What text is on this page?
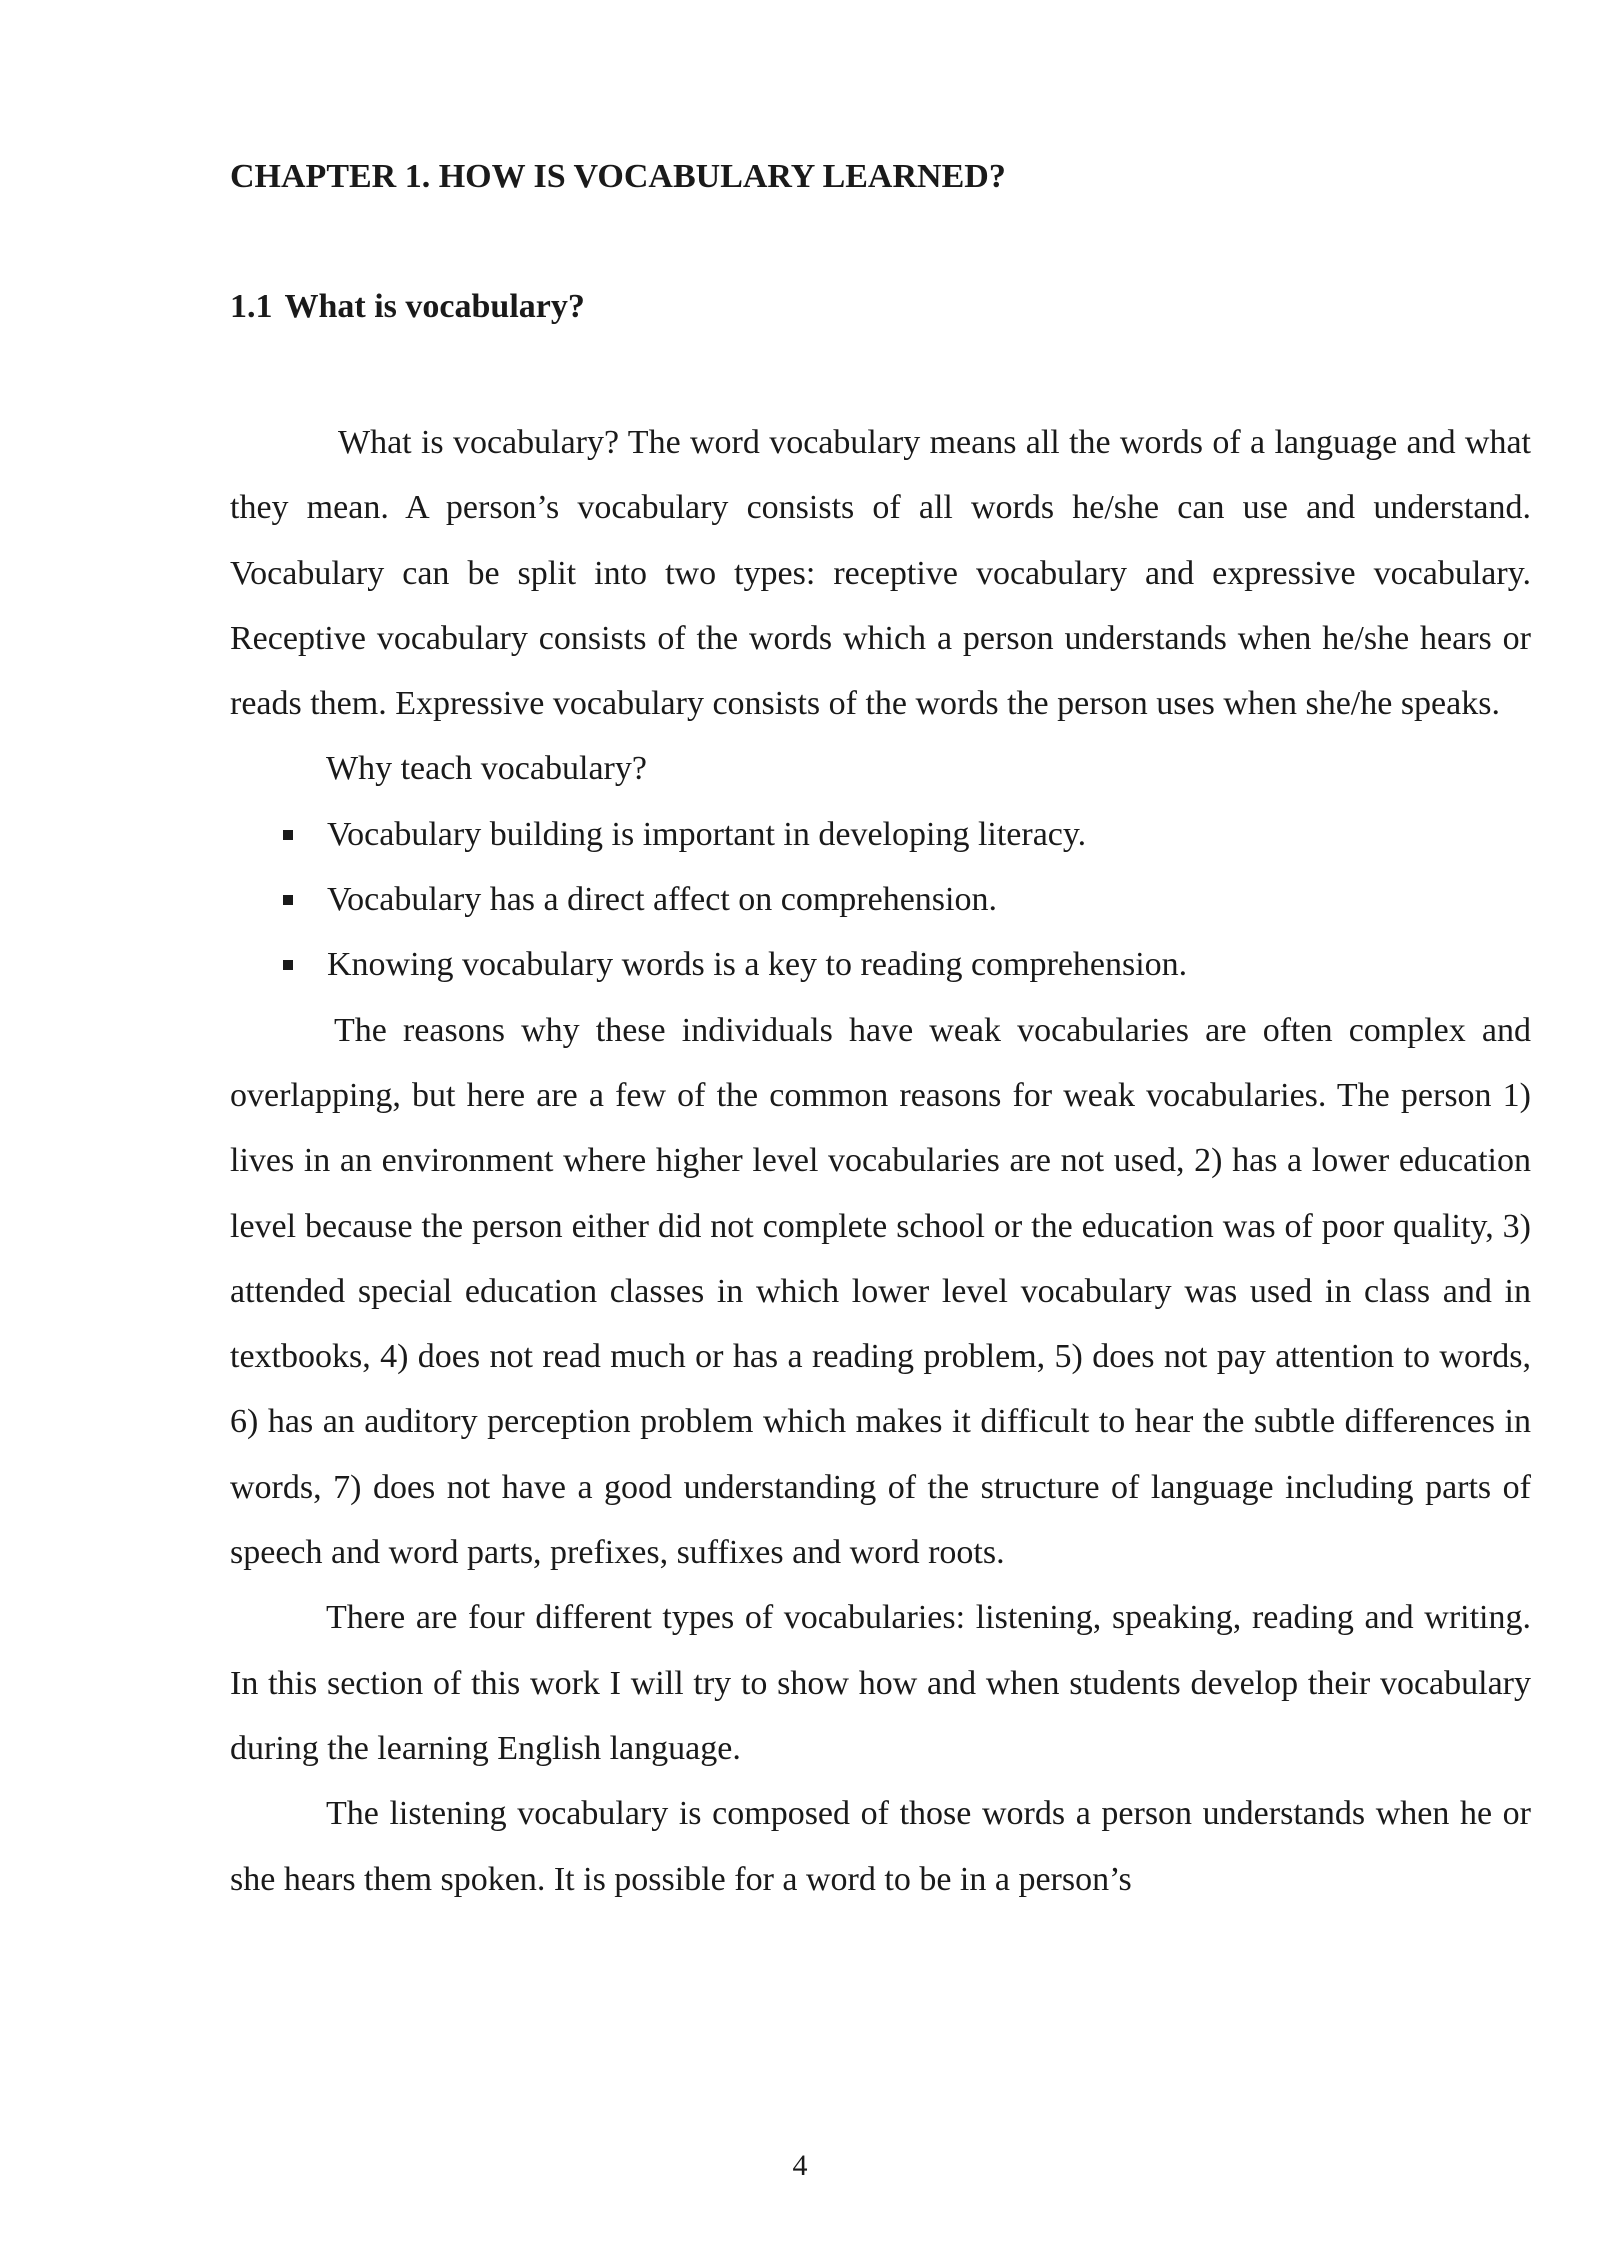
CHAPTER 1. HOW IS VOCABULARY LEARNED?
1.1 What is vocabulary?

What is vocabulary? The word vocabulary means all the words of a language and what they mean. A person’s vocabulary consists of all words he/she can use and understand. Vocabulary can be split into two types: receptive vocabulary and expressive vocabulary. Receptive vocabulary consists of the words which a person understands when he/she hears or reads them. Expressive vocabulary consists of the words the person uses when she/he speaks.

Why teach vocabulary?

Vocabulary building is important in developing literacy.
Vocabulary has a direct affect on comprehension.
Knowing vocabulary words is a key to reading comprehension.

The reasons why these individuals have weak vocabularies are often complex and overlapping, but here are a few of the common reasons for weak vocabularies. The person 1) lives in an environment where higher level vocabularies are not used, 2) has a lower education level because the person either did not complete school or the education was of poor quality, 3) attended special education classes in which lower level vocabulary was used in class and in textbooks, 4) does not read much or has a reading problem, 5) does not pay attention to words, 6) has an auditory perception problem which makes it difficult to hear the subtle differences in words, 7) does not have a good understanding of the structure of language including parts of speech and word parts, prefixes, suffixes and word roots.

There are four different types of vocabularies: listening, speaking, reading and writing. In this section of this work I will try to show how and when students develop their vocabulary during the learning English language.

The listening vocabulary is composed of those words a person understands when he or she hears them spoken. It is possible for a word to be in a person’s

4
